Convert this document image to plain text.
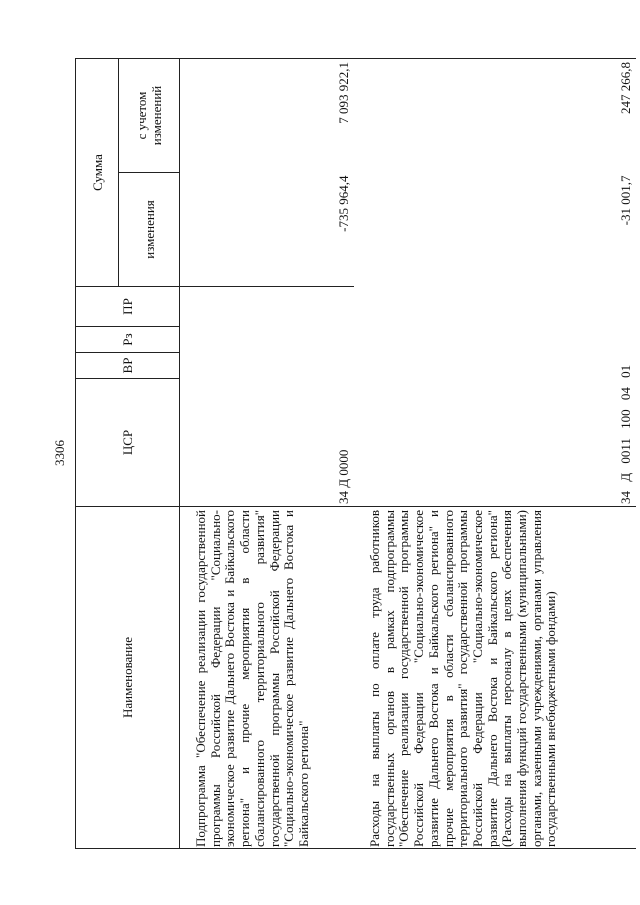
3306
Наименование	ЦСР	ВР	Рз	ПР	Сумма	
					изменения	с учетом изменений
Подпрограмма "Обеспечение реализации государственной программы Российской Федерации "Социально-экономическое развитие Дальнего Востока и Байкальского региона" и прочие мероприятия в области сбалансированного территориального развития" государственной программы Российской Федерации "Социально-экономическое развитие Дальнего Востока и Байкальского региона"	34 Д 0000				-735 964,4	7 093 922,1
Расходы на выплаты по оплате труда работников государственных органов в рамках подпрограммы "Обеспечение реализации государственной программы Российской Федерации "Социально-экономическое развитие Дальнего Востока и Байкальского региона" и прочие мероприятия в области сбалансированного территориального развития" государственной программы Российской Федерации "Социально-экономическое развитие Дальнего Востока и Байкальского региона" (Расходы на выплаты персоналу в целях обеспечения выполнения функций государственными (муниципальными) органами, казенными учреждениями, органами управления государственными внебюджетными фондами)	34 Д 0011 100 04 01				-31 001,7	247 266,8
